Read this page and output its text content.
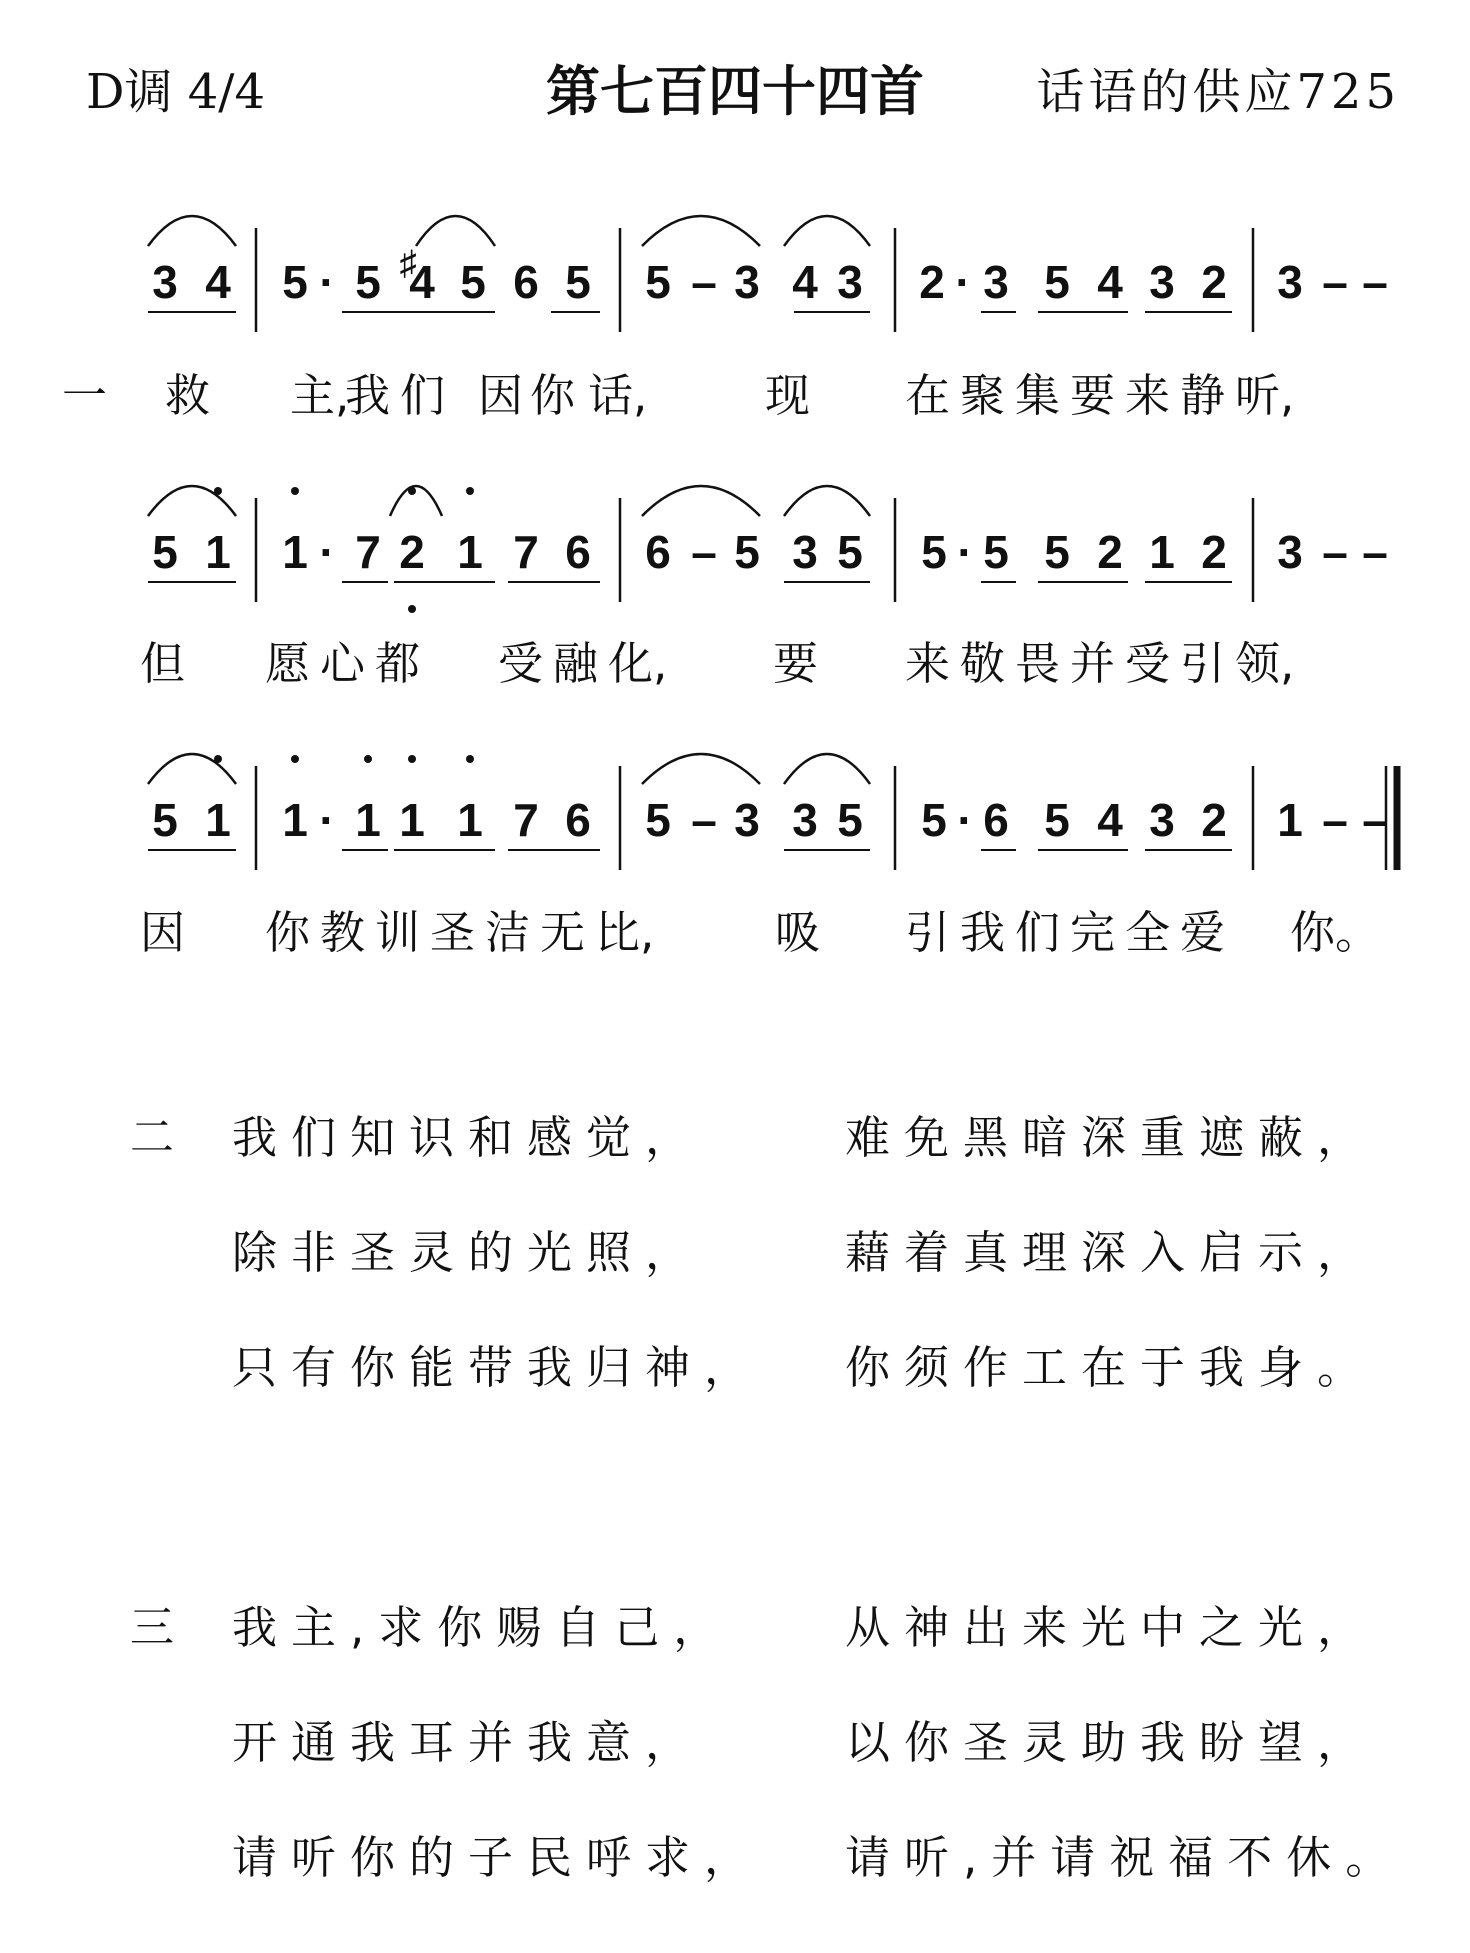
D调 4/4	第七百四十四首	话语的供应725
3 4 5 · 5 ♯
4 5 6 5 5 – 3 4 3 2 · 3 5 4 3 2 3 – –
5 1 1 · 7 2 1 7 6 6 – 5 3 5 5 · 5 5 2 1 2 3 – –
5 1 1 · 1 1 1 7 6 5 – 3 3 5 5 · 6 5 4 3 2 1 – –
一 救 主,
我 们 因 你 话,	现 在 聚 集 要 来 静 听,
但 愿 心 都 受 融 化, 要 来 敬 畏 并 受 引 领,
因 你 教 训 圣 洁 无 比,	吸 引 我 们 完 全 爱 你。
二 我们知识和感觉，	难免黑暗深重遮蔽，
除非圣灵的光照，	藉着真理深入启示，
只有你能带我归神， 你须作工在于我身。
三 我主,求你赐自己，	从神出来光中之光，
开通我耳并我意，	以你圣灵助我盼望，
请听你的子民呼求， 请听,并请祝福不休。
